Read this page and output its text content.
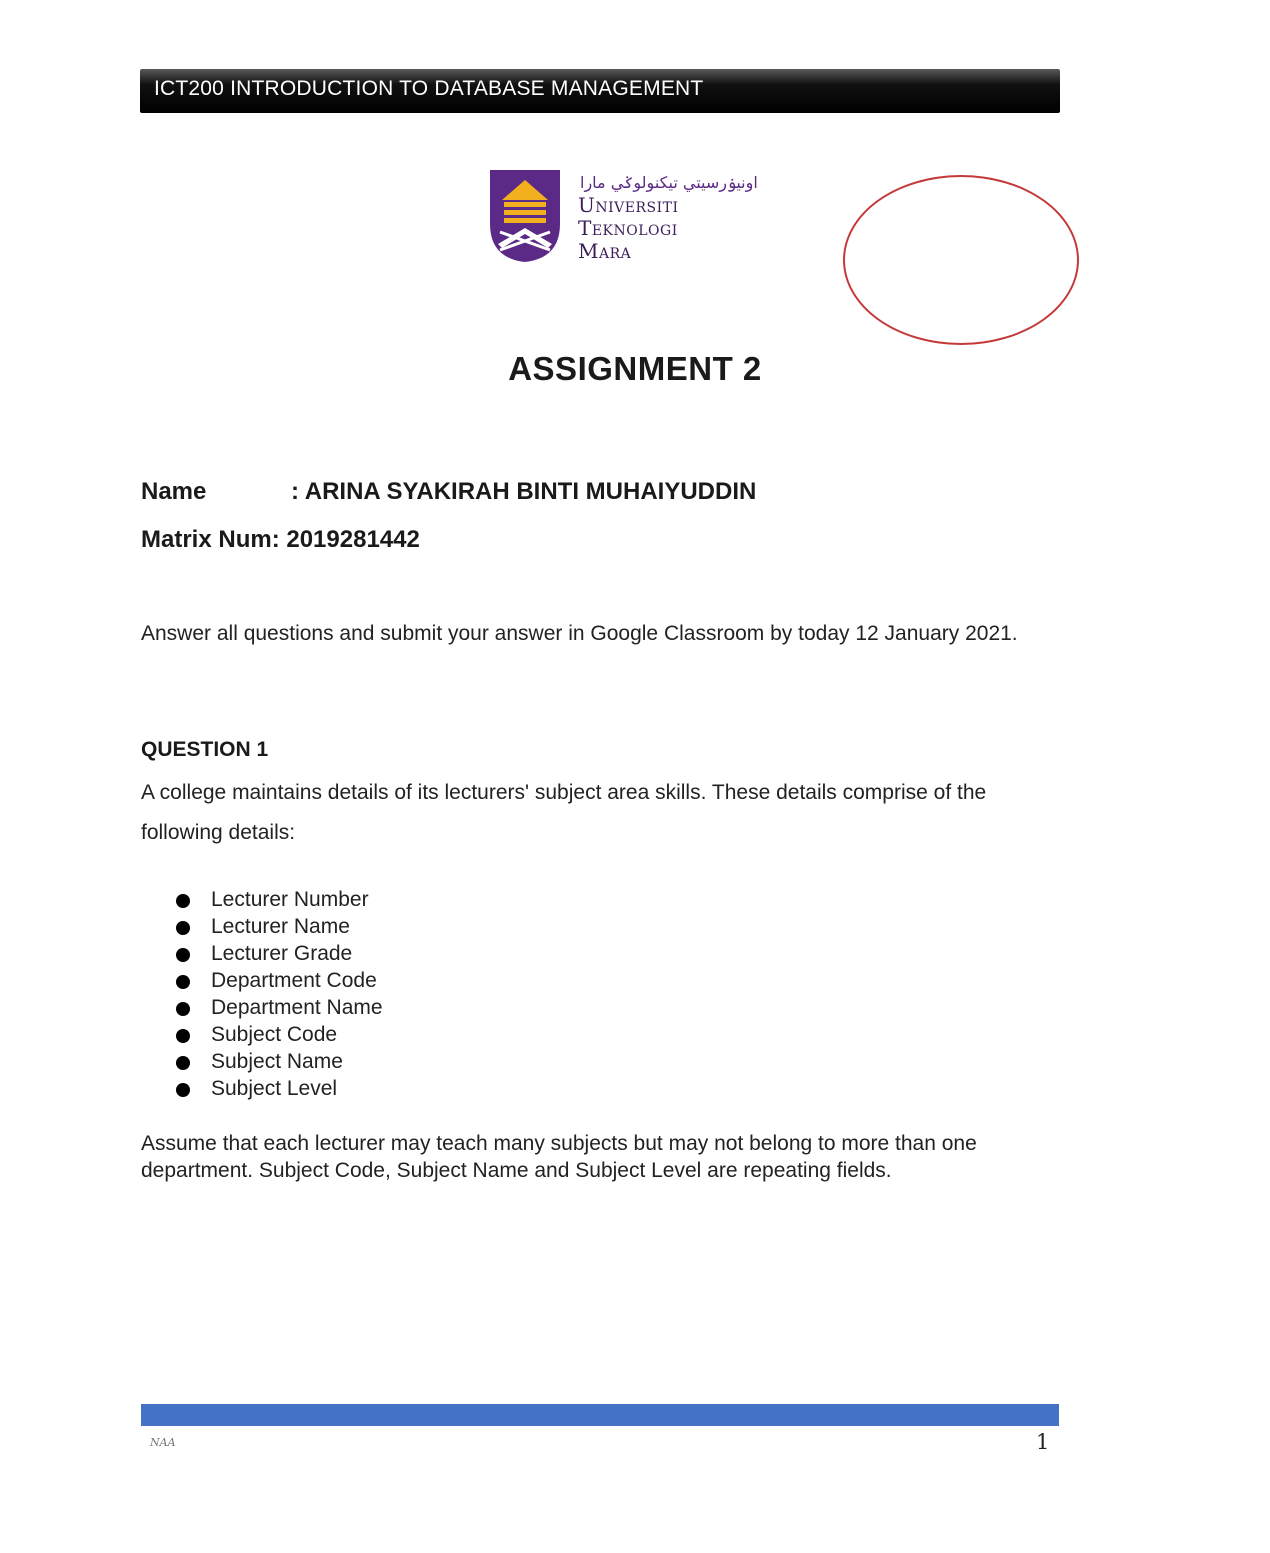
ICT200 INTRODUCTION TO DATABASE MANAGEMENT
اونيۏرسيتي تيكنولوݢي مارا
Universiti
Teknologi
Mara
ASSIGNMENT 2
Name	: ARINA SYAKIRAH BINTI MUHAIYUDDIN
Matrix Num: 2019281442
Answer all questions and submit your answer in Google Classroom by today 12 January 2021.
QUESTION 1
A college maintains details of its lecturers' subject area skills. These details comprise of the following details:
Lecturer Number
Lecturer Name
Lecturer Grade
Department Code
Department Name
Subject Code
Subject Name
Subject Level
Assume that each lecturer may teach many subjects but may not belong to more than one department. Subject Code, Subject Name and Subject Level are repeating fields.
NAA	1
